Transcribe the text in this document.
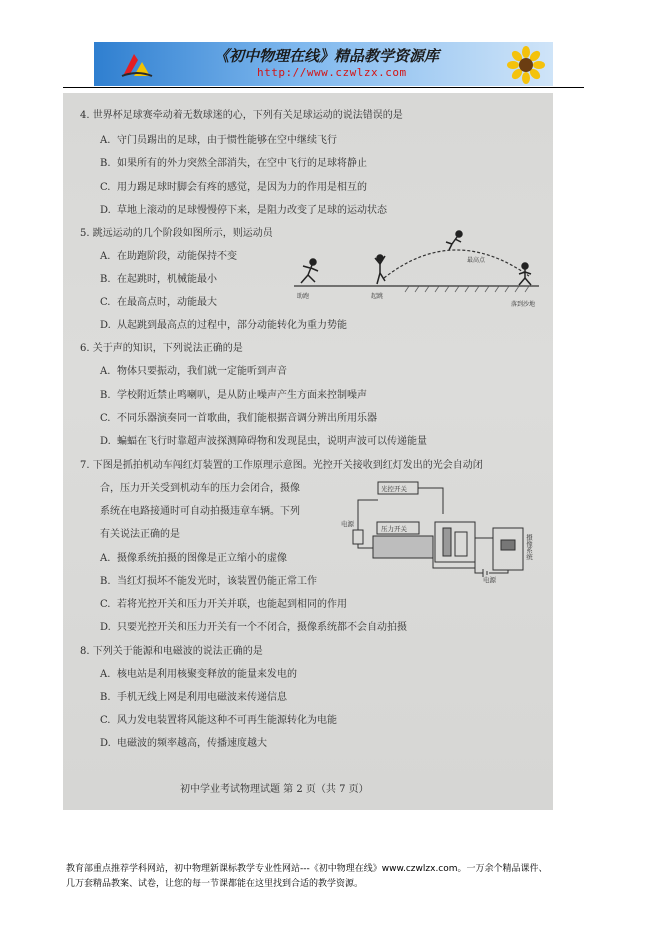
《初中物理在线》精品教学资源库
http://www.czwlzx.com
4. 世界杯足球赛牵动着无数球迷的心，下列有关足球运动的说法错误的是
A. 守门员踢出的足球，由于惯性能够在空中继续飞行
B. 如果所有的外力突然全部消失，在空中飞行的足球将静止
C. 用力踢足球时脚会有疼的感觉，是因为力的作用是相互的
D. 草地上滚动的足球慢慢停下来，是阻力改变了足球的运动状态
5. 跳远运动的几个阶段如图所示，则运动员
A. 在助跑阶段，动能保持不变
B. 在起跳时，机械能最小
C. 在最高点时，动能最大
D. 从起跳到最高点的过程中，部分动能转化为重力势能
助跑	起跳
最高点
落到沙地
6. 关于声的知识，下列说法正确的是
A. 物体只要振动，我们就一定能听到声音
B. 学校附近禁止鸣喇叭，是从防止噪声产生方面来控制噪声
C. 不同乐器演奏同一首歌曲，我们能根据音调分辨出所用乐器
D. 蝙蝠在飞行时靠超声波探测障碍物和发现昆虫，说明声波可以传递能量
7. 下图是抓拍机动车闯红灯装置的工作原理示意图。光控开关接收到红灯发出的光会自动闭
合，压力开关受到机动车的压力会闭合，摄像
系统在电路接通时可自动拍摄违章车辆。下列
有关说法正确的是
A. 摄像系统拍摄的图像是正立缩小的虚像
B. 当红灯损坏不能发光时，该装置仍能正常工作
C. 若将光控开关和压力开关并联，也能起到相同的作用
D. 只要光控开关和压力开关有一个不闭合，摄像系统都不会自动拍摄
光控开关
压力开关
电源
电源
摄像系统
8. 下列关于能源和电磁波的说法正确的是
A. 核电站是利用核聚变释放的能量来发电的
B. 手机无线上网是利用电磁波来传递信息
C. 风力发电装置将风能这种不可再生能源转化为电能
D. 电磁波的频率越高，传播速度越大
初中学业考试物理试题 第 2 页（共 7 页）
教育部重点推荐学科网站，初中物理新课标教学专业性网站---《初中物理在线》www.czwlzx.com。一万余个精品课件、
几万套精品教案、试卷，让您的每一节课都能在这里找到合适的教学资源。
